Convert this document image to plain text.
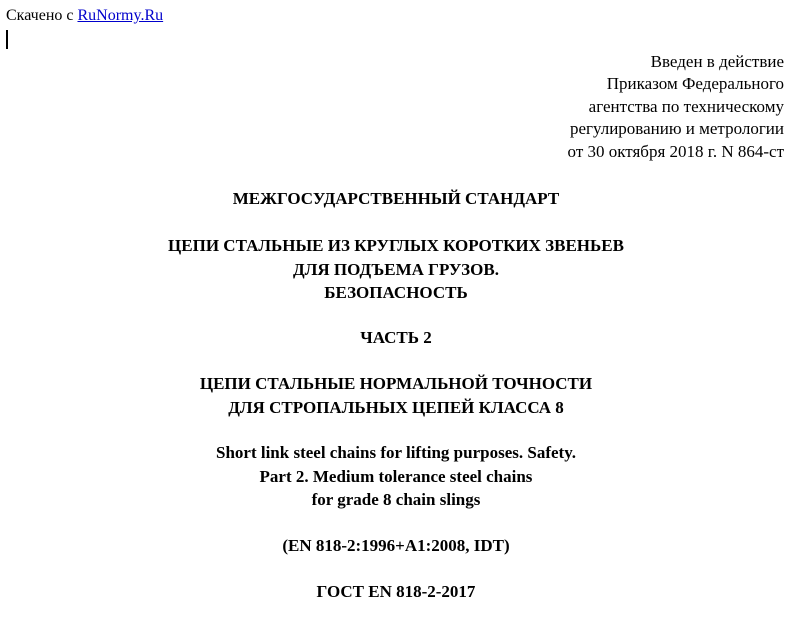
Скачено с RuNormy.Ru
Введен в действие
Приказом Федерального
агентства по техническому
регулированию и метрологии
от 30 октября 2018 г. N 864-ст
МЕЖГОСУДАРСТВЕННЫЙ СТАНДАРТ
ЦЕПИ СТАЛЬНЫЕ ИЗ КРУГЛЫХ КОРОТКИХ ЗВЕНЬЕВ
ДЛЯ ПОДЪЕМА ГРУЗОВ.
БЕЗОПАСНОСТЬ
ЧАСТЬ 2
ЦЕПИ СТАЛЬНЫЕ НОРМАЛЬНОЙ ТОЧНОСТИ
ДЛЯ СТРОПАЛЬНЫХ ЦЕПЕЙ КЛАССА 8
Short link steel chains for lifting purposes. Safety.
Part 2. Medium tolerance steel chains
for grade 8 chain slings
(EN 818-2:1996+A1:2008, IDT)
ГОСТ EN 818-2-2017
